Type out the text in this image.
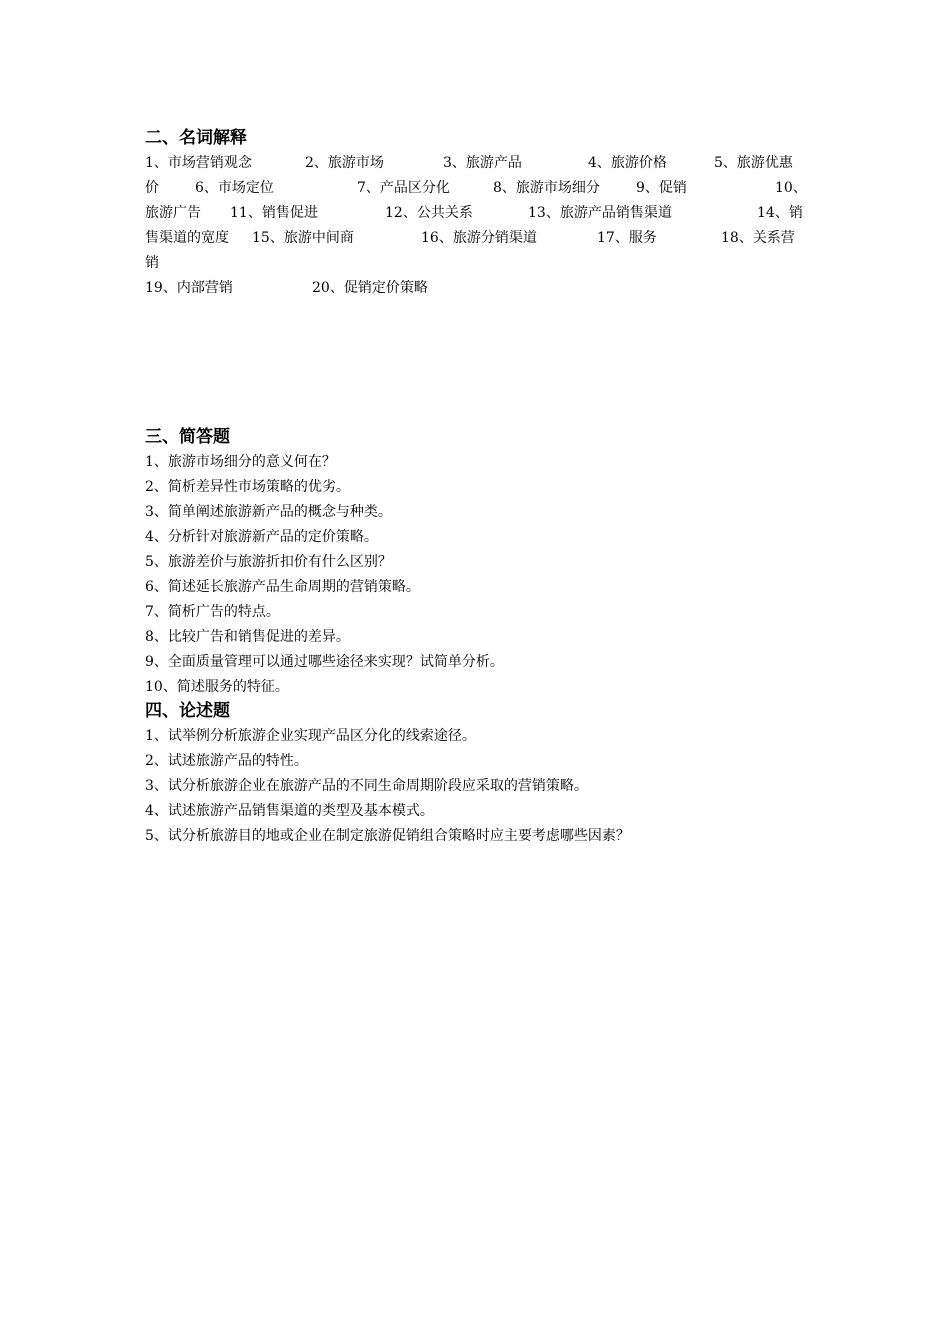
二、名词解释
1、市场营销观念	2、旅游市场	3、旅游产品	4、旅游价格	5、旅游优惠
价	6、市场定位	7、产品区分化	8、旅游市场细分	9、促销	10、
旅游广告 11、销售促进	12、公共关系	13、旅游产品销售渠道	14、销
售渠道的宽度 15、旅游中间商	16、旅游分销渠道	17、服务	18、关系营
销
19、内部营销	20、促销定价策略
三、简答题
1、旅游市场细分的意义何在？
2、简析差异性市场策略的优劣。
3、简单阐述旅游新产品的概念与种类。
4、分析针对旅游新产品的定价策略。
5、旅游差价与旅游折扣价有什么区别？
6、简述延长旅游产品生命周期的营销策略。
7、简析广告的特点。
8、比较广告和销售促进的差异。
9、全面质量管理可以通过哪些途径来实现？试简单分析。
10、简述服务的特征。
四、论述题
1、试举例分析旅游企业实现产品区分化的线索途径。
2、试述旅游产品的特性。
3、试分析旅游企业在旅游产品的不同生命周期阶段应采取的营销策略。
4、试述旅游产品销售渠道的类型及基本模式。
5、试分析旅游目的地或企业在制定旅游促销组合策略时应主要考虑哪些因素？
